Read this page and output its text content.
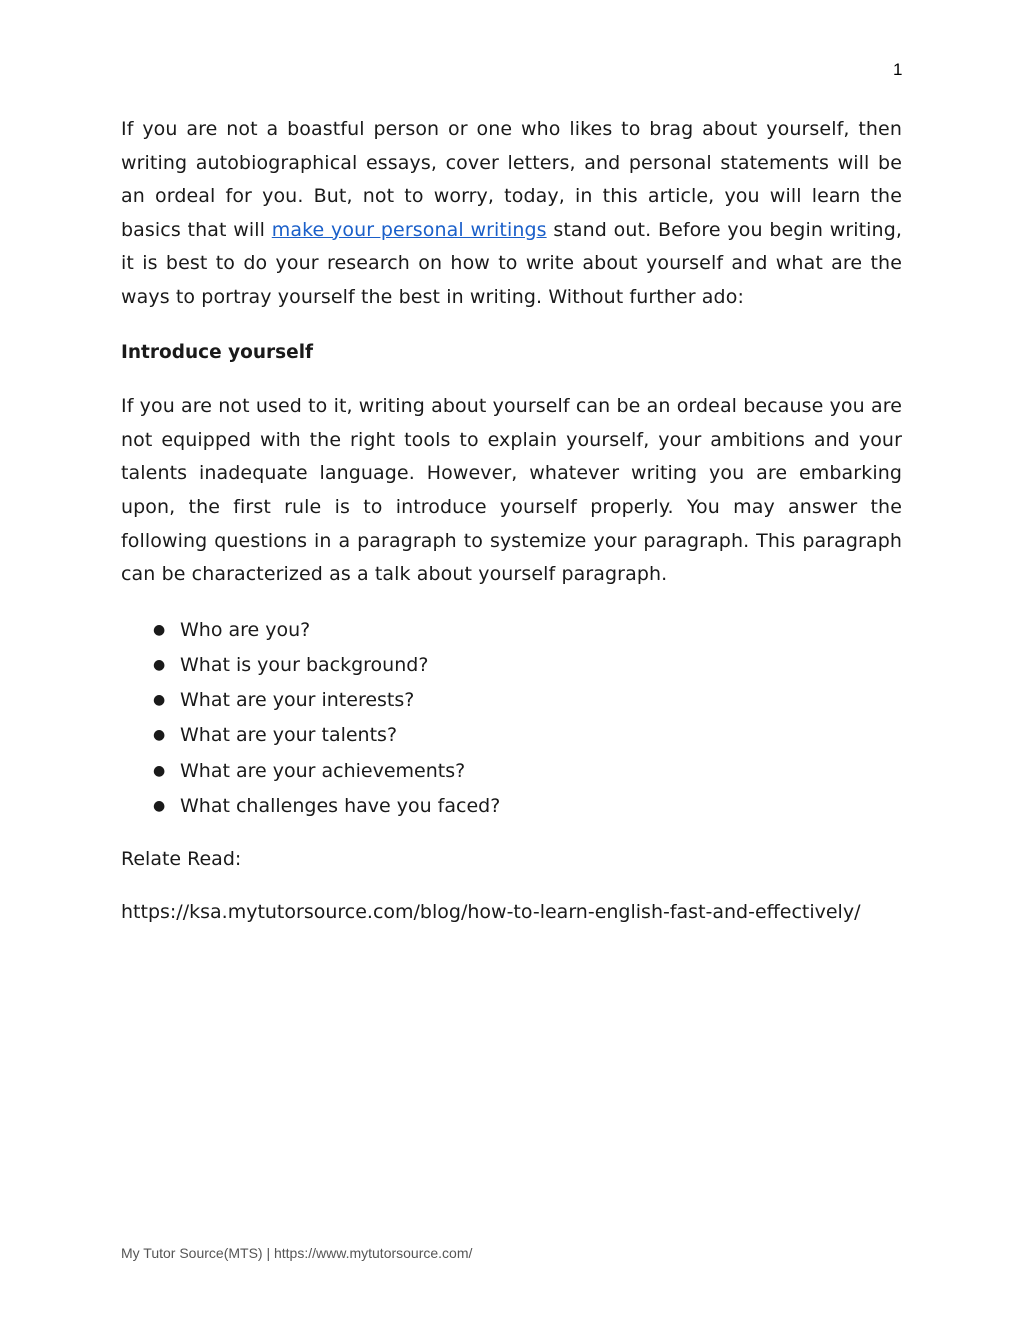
1

If you are not a boastful person or one who likes to brag about yourself, then writing autobiographical essays, cover letters, and personal statements will be an ordeal for you. But, not to worry, today, in this article, you will learn the basics that will make your personal writings stand out. Before you begin writing, it is best to do your research on how to write about yourself and what are the ways to portray yourself the best in writing. Without further ado:

Introduce yourself

If you are not used to it, writing about yourself can be an ordeal because you are not equipped with the right tools to explain yourself, your ambitions and your talents inadequate language. However, whatever writing you are embarking upon, the first rule is to introduce yourself properly. You may answer the following questions in a paragraph to systemize your paragraph. This paragraph can be characterized as a talk about yourself paragraph.

● Who are you?
● What is your background?
● What are your interests?
● What are your talents?
● What are your achievements?
● What challenges have you faced?

Relate Read:

https://ksa.mytutorsource.com/blog/how-to-learn-english-fast-and-effectively/

My Tutor Source(MTS) | https://www.mytutorsource.com/
